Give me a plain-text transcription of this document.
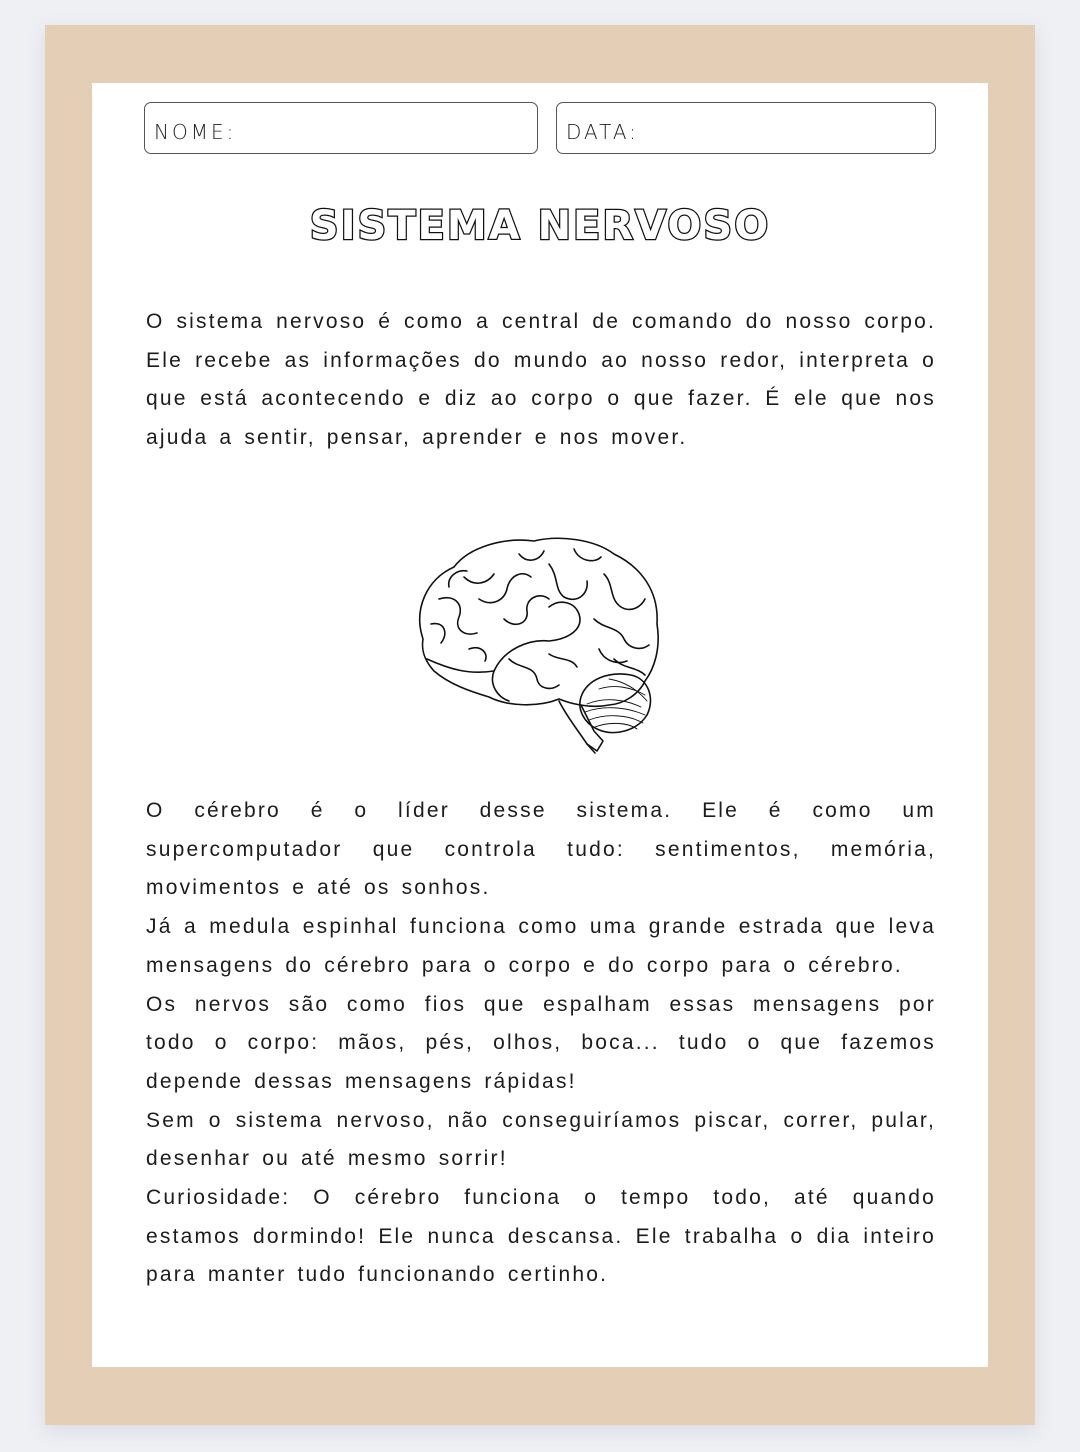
NOME:	DATA:
SISTEMA NERVOSO

O sistema nervoso é como a central de comando do nosso corpo. Ele recebe as informações do mundo ao nosso redor, interpreta o que está acontecendo e diz ao corpo o que fazer. É ele que nos ajuda a sentir, pensar, aprender e nos mover.

O cérebro é o líder desse sistema. Ele é como um supercomputador que controla tudo: sentimentos, memória, movimentos e até os sonhos.

Já a medula espinhal funciona como uma grande estrada que leva mensagens do cérebro para o corpo e do corpo para o cérebro.

Os nervos são como fios que espalham essas mensagens por todo o corpo: mãos, pés, olhos, boca... tudo o que fazemos depende dessas mensagens rápidas!

Sem o sistema nervoso, não conseguiríamos piscar, correr, pular, desenhar ou até mesmo sorrir!

Curiosidade: O cérebro funciona o tempo todo, até quando estamos dormindo! Ele nunca descansa. Ele trabalha o dia inteiro para manter tudo funcionando certinho.
